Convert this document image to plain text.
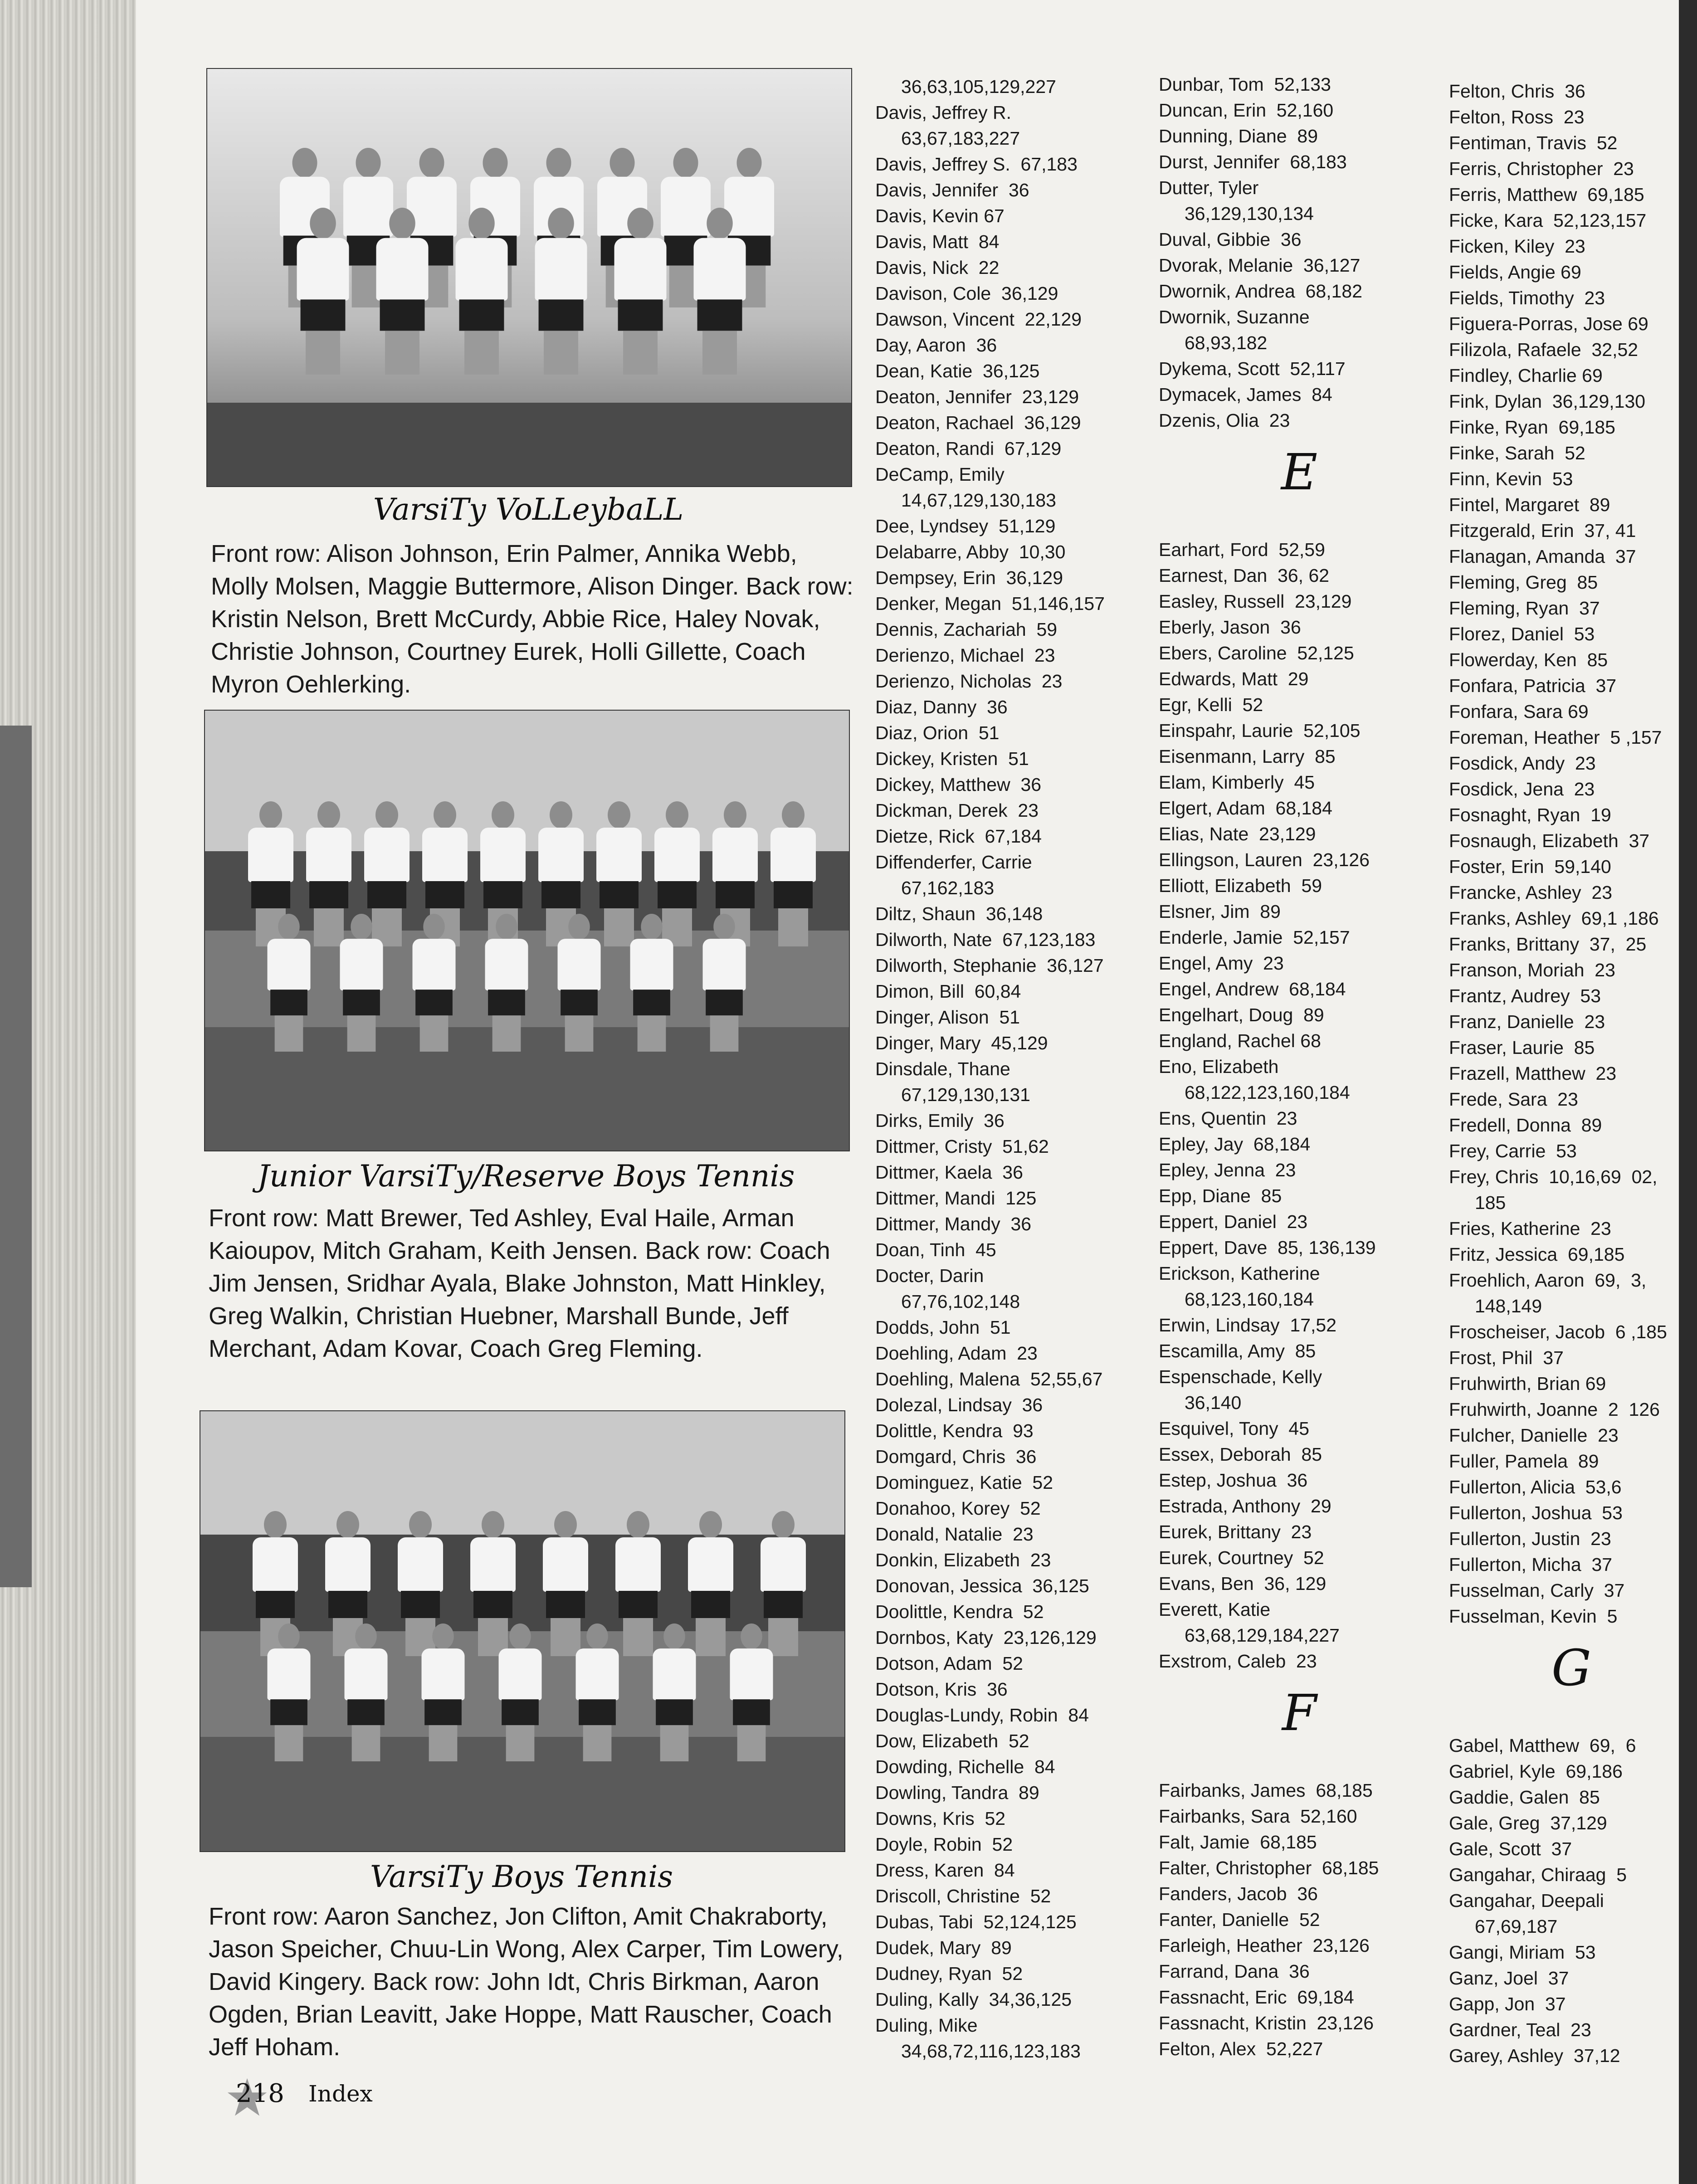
VarsiTy VoLLeybaLL
Front row: Alison Johnson, Erin Palmer, Annika Webb, Molly Molsen, Maggie Buttermore, Alison Dinger. Back row: Kristin Nelson, Brett McCurdy, Abbie Rice, Haley Novak, Christie Johnson, Courtney Eurek, Holli Gillette, Coach Myron Oehlerking.
Junior VarsiTy/Reserve Boys Tennis
Front row: Matt Brewer, Ted Ashley, Eval Haile, Arman Kaioupov, Mitch Graham, Keith Jensen. Back row: Coach Jim Jensen, Sridhar Ayala, Blake Johnston, Matt Hinkley, Greg Walkin, Christian Huebner, Marshall Bunde, Jeff Merchant, Adam Kovar, Coach Greg Fleming.
VarsiTy Boys Tennis
Front row: Aaron Sanchez, Jon Clifton, Amit Chakraborty, Jason Speicher, Chuu-Lin Wong, Alex Carper, Tim Lowery, David Kingery. Back row: John Idt, Chris Birkman, Aaron Ogden, Brian Leavitt, Jake Hoppe, Matt Rauscher, Coach Jeff Hoham.
36,63,105,129,227
Davis, Jeffrey R.
63,67,183,227
Davis, Jeffrey S.  67,183
Davis, Jennifer  36
Davis, Kevin 67
Davis, Matt  84
Davis, Nick  22
Davison, Cole  36,129
Dawson, Vincent  22,129
Day, Aaron  36
Dean, Katie  36,125
Deaton, Jennifer  23,129
Deaton, Rachael  36,129
Deaton, Randi  67,129
DeCamp, Emily
14,67,129,130,183
Dee, Lyndsey  51,129
Delabarre, Abby  10,30
Dempsey, Erin  36,129
Denker, Megan  51,146,157
Dennis, Zachariah  59
Derienzo, Michael  23
Derienzo, Nicholas  23
Diaz, Danny  36
Diaz, Orion  51
Dickey, Kristen  51
Dickey, Matthew  36
Dickman, Derek  23
Dietze, Rick  67,184
Diffenderfer, Carrie
67,162,183
Diltz, Shaun  36,148
Dilworth, Nate  67,123,183
Dilworth, Stephanie  36,127
Dimon, Bill  60,84
Dinger, Alison  51
Dinger, Mary  45,129
Dinsdale, Thane
67,129,130,131
Dirks, Emily  36
Dittmer, Cristy  51,62
Dittmer, Kaela  36
Dittmer, Mandi  125
Dittmer, Mandy  36
Doan, Tinh  45
Docter, Darin
67,76,102,148
Dodds, John  51
Doehling, Adam  23
Doehling, Malena  52,55,67
Dolezal, Lindsay  36
Dolittle, Kendra  93
Domgard, Chris  36
Dominguez, Katie  52
Donahoo, Korey  52
Donald, Natalie  23
Donkin, Elizabeth  23
Donovan, Jessica  36,125
Doolittle, Kendra  52
Dornbos, Katy  23,126,129
Dotson, Adam  52
Dotson, Kris  36
Douglas-Lundy, Robin  84
Dow, Elizabeth  52
Dowding, Richelle  84
Dowling, Tandra  89
Downs, Kris  52
Doyle, Robin  52
Dress, Karen  84
Driscoll, Christine  52
Dubas, Tabi  52,124,125
Dudek, Mary  89
Dudney, Ryan  52
Duling, Kally  34,36,125
Duling, Mike
34,68,72,116,123,183
Dunbar, Tom  52,133
Duncan, Erin  52,160
Dunning, Diane  89
Durst, Jennifer  68,183
Dutter, Tyler
36,129,130,134
Duval, Gibbie  36
Dvorak, Melanie  36,127
Dwornik, Andrea  68,182
Dwornik, Suzanne
68,93,182
Dykema, Scott  52,117
Dymacek, James  84
Dzenis, Olia  23
E
Earhart, Ford  52,59
Earnest, Dan  36, 62
Easley, Russell  23,129
Eberly, Jason  36
Ebers, Caroline  52,125
Edwards, Matt  29
Egr, Kelli  52
Einspahr, Laurie  52,105
Eisenmann, Larry  85
Elam, Kimberly  45
Elgert, Adam  68,184
Elias, Nate  23,129
Ellingson, Lauren  23,126
Elliott, Elizabeth  59
Elsner, Jim  89
Enderle, Jamie  52,157
Engel, Amy  23
Engel, Andrew  68,184
Engelhart, Doug  89
England, Rachel 68
Eno, Elizabeth
68,122,123,160,184
Ens, Quentin  23
Epley, Jay  68,184
Epley, Jenna  23
Epp, Diane  85
Eppert, Daniel  23
Eppert, Dave  85, 136,139
Erickson, Katherine
68,123,160,184
Erwin, Lindsay  17,52
Escamilla, Amy  85
Espenschade, Kelly
36,140
Esquivel, Tony  45
Essex, Deborah  85
Estep, Joshua  36
Estrada, Anthony  29
Eurek, Brittany  23
Eurek, Courtney  52
Evans, Ben  36, 129
Everett, Katie
63,68,129,184,227
Exstrom, Caleb  23
F
Fairbanks, James  68,185
Fairbanks, Sara  52,160
Falt, Jamie  68,185
Falter, Christopher  68,185
Fanders, Jacob  36
Fanter, Danielle  52
Farleigh, Heather  23,126
Farrand, Dana  36
Fassnacht, Eric  69,184
Fassnacht, Kristin  23,126
Felton, Alex  52,227
Felton, Chris  36
Felton, Ross  23
Fentiman, Travis  52
Ferris, Christopher  23
Ferris, Matthew  69,185
Ficke, Kara  52,123,157
Ficken, Kiley  23
Fields, Angie 69
Fields, Timothy  23
Figuera-Porras, Jose 69
Filizola, Rafaele  32,52
Findley, Charlie 69
Fink, Dylan  36,129,130
Finke, Ryan  69,185
Finke, Sarah  52
Finn, Kevin  53
Fintel, Margaret  89
Fitzgerald, Erin  37, 41
Flanagan, Amanda  37
Fleming, Greg  85
Fleming, Ryan  37
Florez, Daniel  53
Flowerday, Ken  85
Fonfara, Patricia  37
Fonfara, Sara 69
Foreman, Heather  5 ,157
Fosdick, Andy  23
Fosdick, Jena  23
Fosnaght, Ryan  19
Fosnaugh, Elizabeth  37
Foster, Erin  59,140
Francke, Ashley  23
Franks, Ashley  69,1 ,186
Franks, Brittany  37,  25
Franson, Moriah  23
Frantz, Audrey  53
Franz, Danielle  23
Fraser, Laurie  85
Frazell, Matthew  23
Frede, Sara  23
Fredell, Donna  89
Frey, Carrie  53
Frey, Chris  10,16,69  02,
185
Fries, Katherine  23
Fritz, Jessica  69,185
Froehlich, Aaron  69,  3,
148,149
Froscheiser, Jacob  6 ,185
Frost, Phil  37
Fruhwirth, Brian 69
Fruhwirth, Joanne  2  126
Fulcher, Danielle  23
Fuller, Pamela  89
Fullerton, Alicia  53,6
Fullerton, Joshua  53
Fullerton, Justin  23
Fullerton, Micha  37
Fusselman, Carly  37
Fusselman, Kevin  5
G
Gabel, Matthew  69,  6
Gabriel, Kyle  69,186
Gaddie, Galen  85
Gale, Greg  37,129
Gale, Scott  37
Gangahar, Chiraag  5
Gangahar, Deepali
67,69,187
Gangi, Miriam  53
Ganz, Joel  37
Gapp, Jon  37
Gardner, Teal  23
Garey, Ashley  37,12
218 Index
